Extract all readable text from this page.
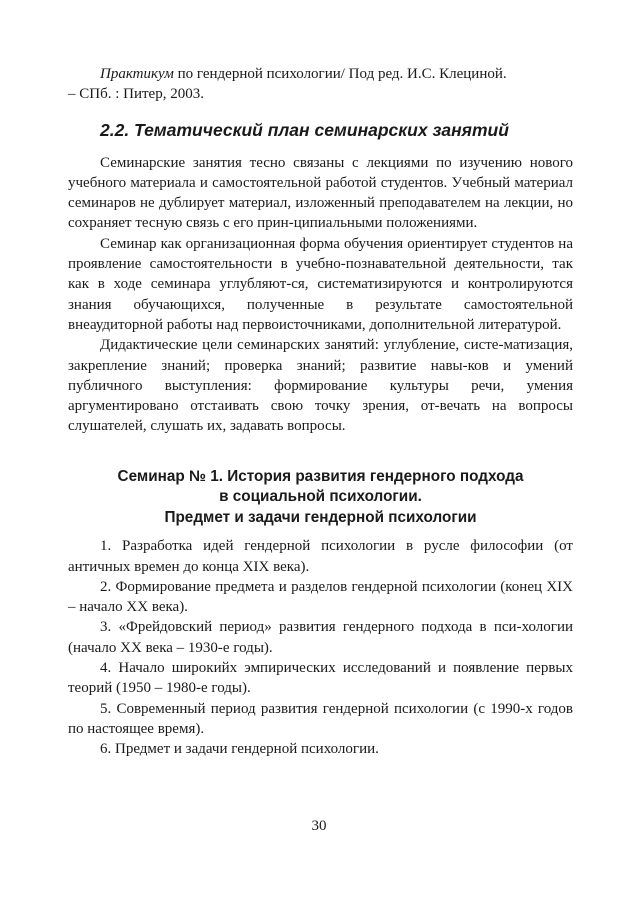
Практикум по гендерной психологии/ Под ред. И.С. Клециной.

– СПб. : Питер, 2003.

2.2. Тематический план семинарских занятий

Семинарские занятия тесно связаны с лекциями по изучению нового учебного материала и самостоятельной работой студентов. Учебный материал семинаров не дублирует материал, изложенный преподавателем на лекции, но сохраняет тесную связь с его прин-ципиальными положениями.

Семинар как организационная форма обучения ориентирует студентов на проявление самостоятельности в учебно-познавательной деятельности, так как в ходе семинара углубляют-ся, систематизируются и контролируются знания обучающихся, полученные в результате самостоятельной внеаудиторной работы над первоисточниками, дополнительной литературой.

Дидактические цели семинарских занятий: углубление, систе-матизация, закрепление знаний; проверка знаний; развитие навы-ков и умений публичного выступления: формирование культуры речи, умения аргументировано отстаивать свою точку зрения, от-вечать на вопросы слушателей, слушать их, задавать вопросы.

Семинар № 1. История развития гендерного подхода
в социальной психологии.
Предмет и задачи гендерной психологии
1. Разработка идей гендерной психологии в русле философии (от античных времен до конца XIX века).
2. Формирование предмета и разделов гендерной психологии (конец XIX – начало XX века).
3. «Фрейдовский период» развития гендерного подхода в пси-хологии (начало XX века – 1930-е годы).
4. Начало широкийх эмпирических исследований и появление первых теорий (1950 – 1980-е годы).
5. Современный период развития гендерной психологии (с 1990-х годов по настоящее время).
6. Предмет и задачи гендерной психологии.
30
